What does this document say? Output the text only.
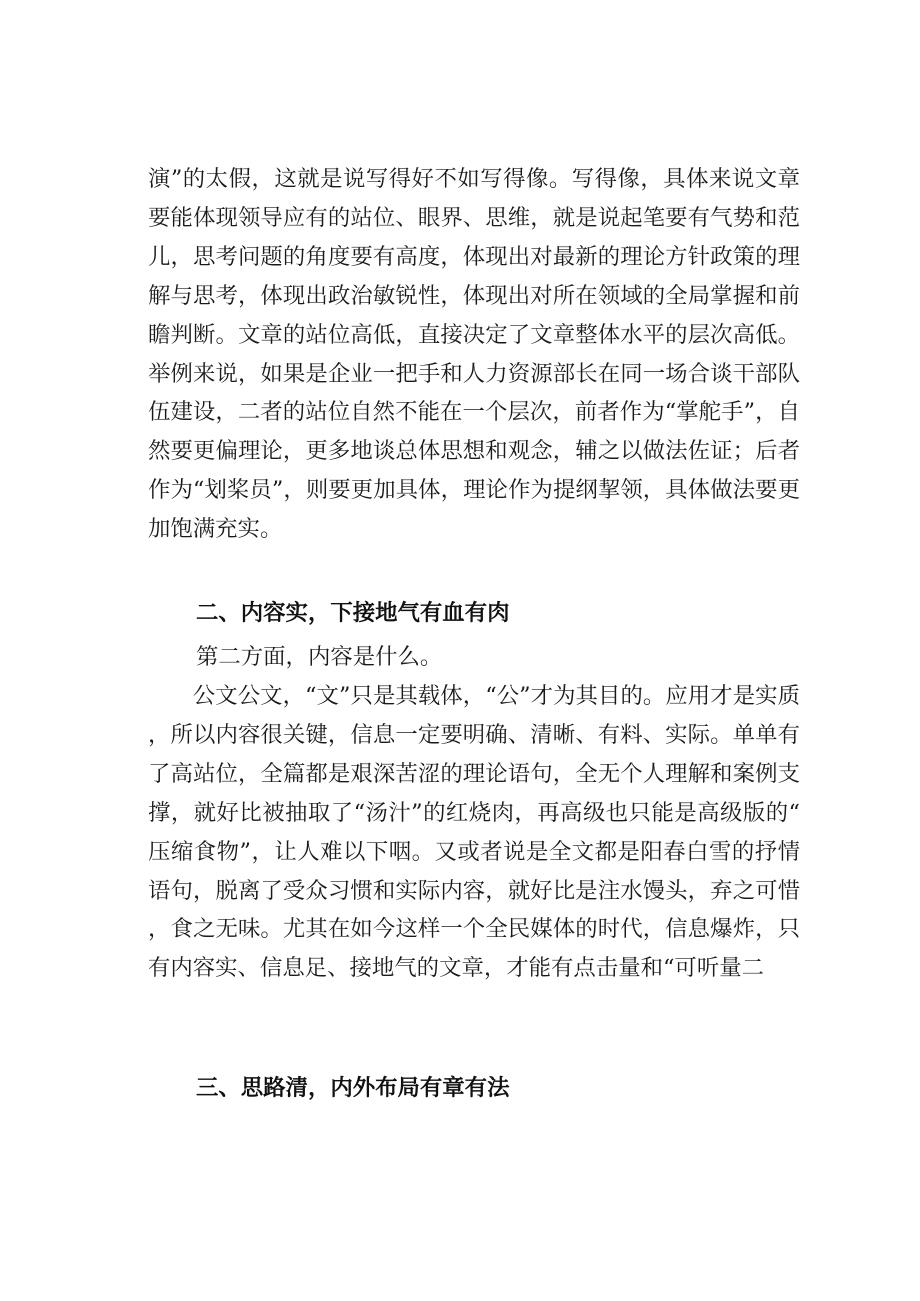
演”的太假，这就是说写得好不如写得像。写得像，具体来说文章要能体现领导应有的站位、眼界、思维，就是说起笔要有气势和范儿，思考问题的角度要有高度，体现出对最新的理论方针政策的理解与思考，体现出政治敏锐性，体现出对所在领域的全局掌握和前瞻判断。文章的站位高低，直接决定了文章整体水平的层次高低。举例来说，如果是企业一把手和人力资源部长在同一场合谈干部队伍建设，二者的站位自然不能在一个层次，前者作为“掌舵手”，自然要更偏理论，更多地谈总体思想和观念，辅之以做法佐证；后者作为“划桨员”，则要更加具体，理论作为提纲挈领，具体做法要更加饱满充实。
二、内容实，下接地气有血有肉
第二方面，内容是什么。
公文公文，“文”只是其载体，“公”才为其目的。应用才是实质，所以内容很关键，信息一定要明确、清晰、有料、实际。单单有了高站位，全篇都是艰深苦涩的理论语句，全无个人理解和案例支撑，就好比被抽取了“汤汁”的红烧肉，再高级也只能是高级版的“压缩食物”，让人难以下咽。又或者说是全文都是阳春白雪的抒情语句，脱离了受众习惯和实际内容，就好比是注水馒头，弃之可惜，食之无味。尤其在如今这样一个全民媒体的时代，信息爆炸，只有内容实、信息足、接地气的文章，才能有点击量和“可听量二
三、思路清，内外布局有章有法
